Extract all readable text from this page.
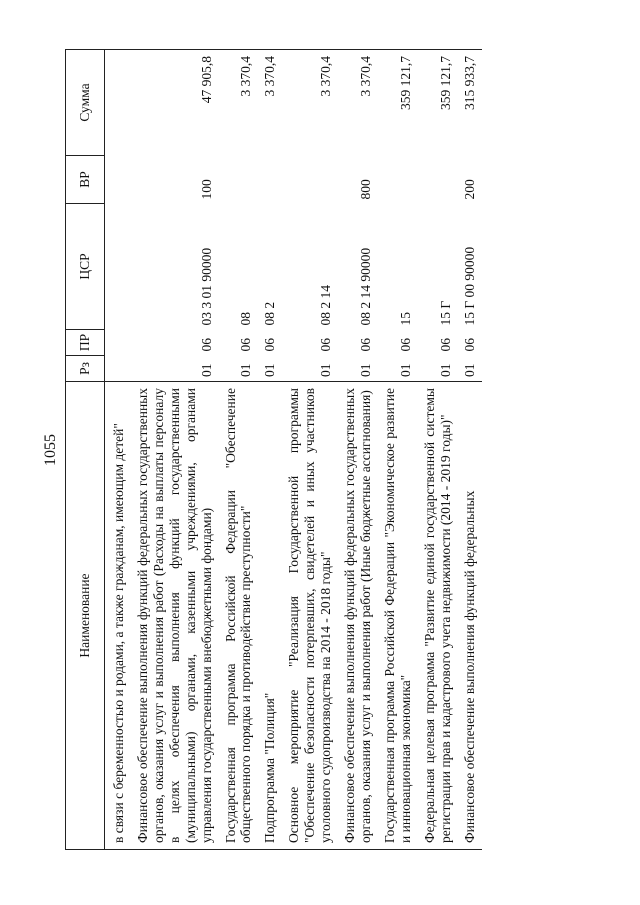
1055
Наименование	Рз	ПР	ЦСР	ВР	Сумма
в связи с беременностью и родами, а также гражданам, имеющим детей"					
Финансовое обеспечение выполнения функций федеральных государственных органов, оказания услуг и выполнения работ (Расходы на выплаты персоналу в целях обеспечения выполнения функций государственными (муниципальными) органами, казенными учреждениями, органами управления государственными внебюджетными фондами)	01	06	03 3 01 90000	100	47 905,8
Государственная программа Российской Федерации "Обеспечение общественного порядка и противодействие преступности"	01	06	08		3 370,4
Подпрограмма "Полиция"	01	06	08 2		3 370,4
Основное мероприятие "Реализация Государственной программы "Обеспечение безопасности потерпевших, свидетелей и иных участников уголовного судопроизводства на 2014 - 2018 годы"	01	06	08 2 14		3 370,4
Финансовое обеспечение выполнения функций федеральных государственных органов, оказания услуг и выполнения работ (Иные бюджетные ассигнования)	01	06	08 2 14 90000	800	3 370,4
Государственная программа Российской Федерации "Экономическое развитие и инновационная экономика"	01	06	15		359 121,7
Федеральная целевая программа "Развитие единой государственной системы регистрации прав и кадастрового учета недвижимости (2014 - 2019 годы)"	01	06	15 Г		359 121,7
Финансовое обеспечение выполнения функций федеральных	01	06	15 Г 00 90000	200	315 933,7
